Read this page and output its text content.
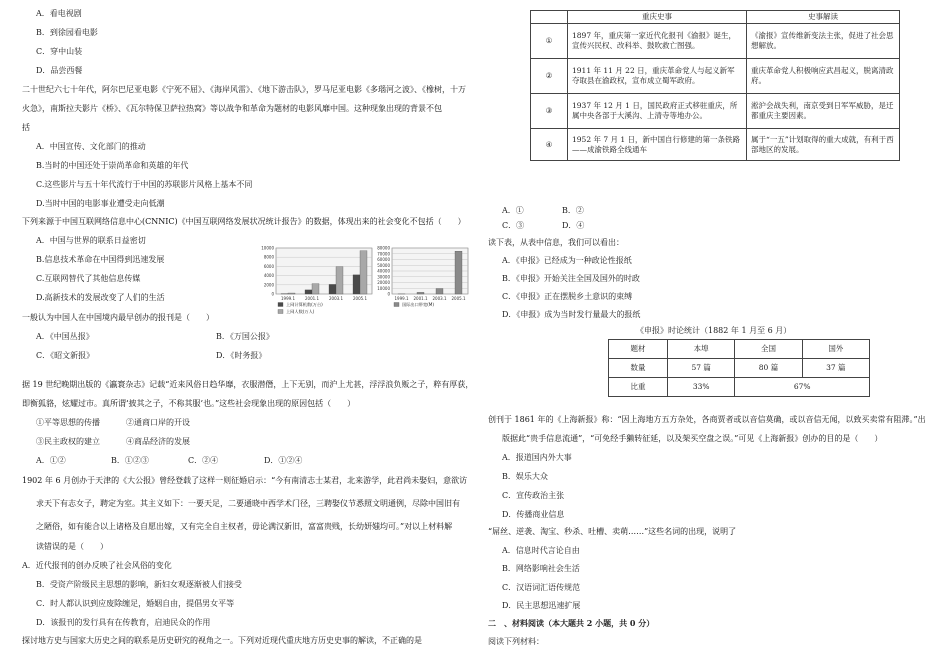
A．看电视剧
B．到徐园看电影
C．穿中山装
D．品尝西餐
二十世纪六七十年代，阿尔巴尼亚电影《宁死不屈》、《海岸风雷》、《地下游击队》，罗马尼亚电影《多瑙河之波》、《橡树，十万
火急》，南斯拉夫影片《桥》、《瓦尔特保卫萨拉热窝》等以战争和革命为题材的电影风靡中国。这种现象出现的背景不包
括
A．中国宣传、文化部门的推动
B.当时的中国还处于崇尚革命和英雄的年代
C.这些影片与五十年代流行于中国的苏联影片风格上基本不同
D.当时中国的电影事业遭受走向低潮
下列来源于中国互联网络信息中心(CNNIC)《中国互联网络发展状况统计报告》的数据，体现出来的社会变化不包括（　　）
A．中国与世界的联系日益密切
B.信息技术革命在中国得到迅速发展
C.互联网替代了其他信息传媒
D.高新技术的发展改变了人们的生活
10000
8000
6000
4000
2000
0
1999.1	2001.1	2003.1	2005.1
上网计算机数(万台)
上网人数(万人)
80000
70000
60000
50000
40000
30000
20000
10000
0
1999.1 2001.1 2003.1 2005.1
国际出口带宽(M)
一般认为中国人在中国境内最早创办的报刊是（　　）
A．《中国丛报》	B．《万国公报》
C．《昭文新报》	D．《时务报》
据 19 世纪晚期出版的《瀛寰杂志》记载“近来风俗日趋华靡，衣服潜僭，上下无别，而沪上尤甚，浮浮浪负贩之子，粹有厚获，
即衡狐貉，炫耀过市。真所谓‘披其之子，不称其服’也。”这些社会现象出现的原因包括（　　）
①平等思想的传播	②通商口岸的开设
③民主政权的建立	④商品经济的发展
A．①②	B．①②③	C．②④	D．①②④
1902 年 6 月创办于天津的《大公报》曾经登载了这样一则征婚启示：“今有南清志士某君，北来游学，此君尚未娶妇，意欲访
求天下有志女子，聘定为室。其主义如下：一要天足，二要通晓中西学术门径，三聘娶仪节悉照文明通例，尽除中国旧有
之陋俗，如有能合以上诸格及自愿出嫁，又有完全自主权者，毋论满汉新旧，富富贵贱，长幼妍媸均可。”对以上材料解
读错误的是（　　）
A．近代报刊的创办反映了社会风俗的变化
B．受资产阶级民主思想的影响，新妇女观逐渐被人们接受
C．时人都认识到应废除缠足，婚姻自由，提倡男女平等
D．该报刊的发行具有在传教育，启迪民众的作用
探讨地方史与国家大历史之间的联系是历史研究的视角之一。下列对近现代重庆地方历史史事的解读，不正确的是
	重庆史事	史事解读
①	1897 年，重庆第一家近代化报刊《渝报》诞生，宣传兴民权、改科举、鼓吹救亡图强。	《渝报》宣传维新变法主张，促进了社会思想解放。
②	1911 年 11 月 22 日，重庆革命党人与起义新军夺取县在渝政权，宣布成立蜀军政府。	重庆革命党人积极响应武昌起义，脱离清政府。
③	1937 年 12 月 1 日，国民政府正式移驻重庆，所属中央各部于大溪沟、上清寺等地办公。	淞沪会战失利，南京受到日军军威胁，是迁都重庆主要因素。
④	1952 年 7 月 1 日，新中国自行修建的第一条铁路——成渝铁路全线通车	属于“一五”计划取得的重大成就，有利于西部地区的发展。
A．①	B．②
C．③	D．④
读下表，从表中信息，我们可以看出：
A．《申报》已经成为一种政论性报纸
B．《申报》开始关注全国及国外的时政
C．《申报》正在摆脱乡土意识的束缚
D．《申报》成为当时发行量最大的报纸
《申报》时论统计（1882 年 1 月至 6 月）
题材	本埠	全国	国外
数量	57 篇	80 篇	37 篇
比重	33%	67%	
创刊于 1861 年的《上海新报》称：“因上海地方五方杂处，各商贾者或以音信莫确，或以音信无闻，以致买卖常有阻滞。”出
版据此“贵手信息流通”，“可免经手獭转征延，以及架买空盘之误。”可见《上海新报》创办的目的是（　　）
A．报道国内外大事
B．娱乐大众
C．宣传政治主张
D．传播商业信息
“屌丝、逆袭、淘宝、秒杀、吐槽、卖萌……”这些名词的出现，说明了
A．信息时代言论自由
B．网络影响社会生活
C．汉语词汇语传规范
D．民主思想迅速扩展
二　、材料阅读（本大题共 2 小题，共 0 分）
阅读下列材料：
